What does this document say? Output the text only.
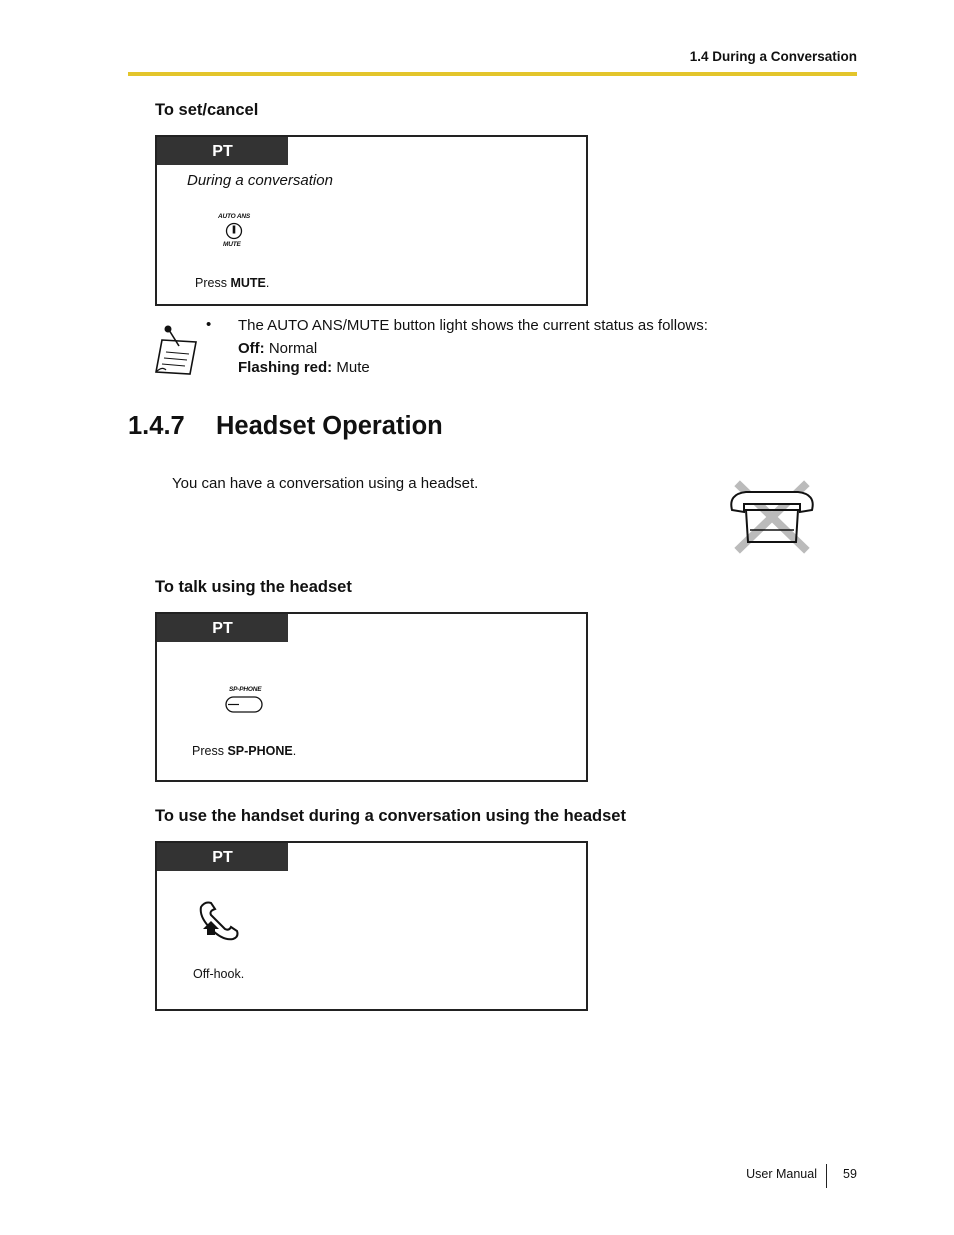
1.4 During a Conversation
To set/cancel
PT
During a conversation
AUTO ANS
MUTE
Press MUTE.
• The AUTO ANS/MUTE button light shows the current status as follows:
Off: Normal
Flashing red: Mute
1.4.7 Headset Operation
You can have a conversation using a headset.
To talk using the headset
PT
SP-PHONE
Press SP-PHONE.
To use the handset during a conversation using the headset
PT
Off-hook.
User Manual 59
